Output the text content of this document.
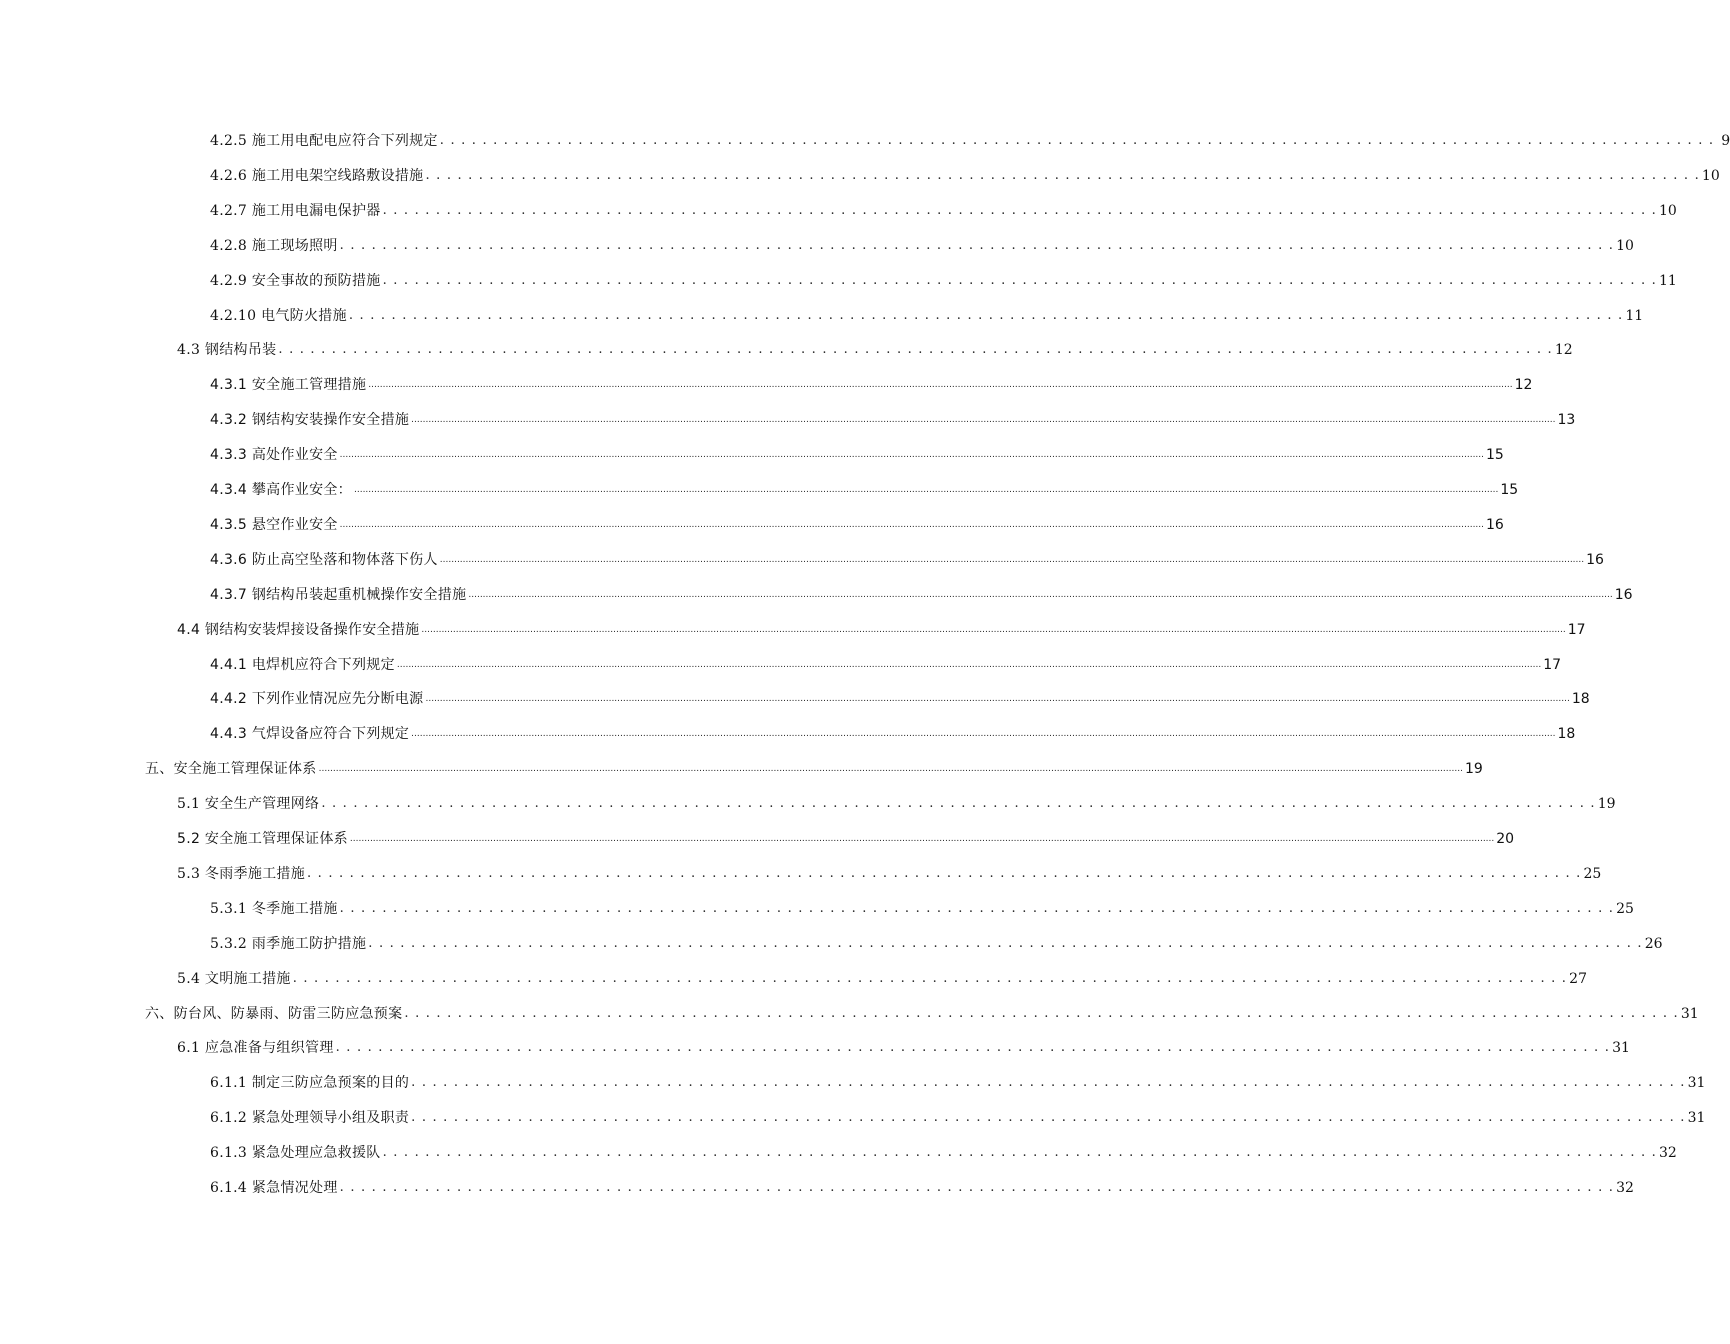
4.2.5 施工用电配电应符合下列规定 . . . . . . . . . . . . . . . . . . . . . . . . . . . . . . . . . . . . . . . . . . . . . . . . . . . . . . . . . . . . . . . . . . . . . . . . . . . . . . . . . . . . . . . . . . . . . . . . . . . . . . . . . . . . . . . . . . . . . . . . 9
4.2.6 施工用电架空线路敷设措施 . . . . . . . . . . . . . . . . . . . . . . . . . . . . . . . . . . . . . . . . . . . . . . . . . . . . . . . . . . . . . . . . . . . . . . . . . . . . . . . . . . . . . . . . . . . . . . . . . . . . . . . . . . . . . . . . . . . . . . . . 10
4.2.7 施工用电漏电保护器 . . . . . . . . . . . . . . . . . . . . . . . . . . . . . . . . . . . . . . . . . . . . . . . . . . . . . . . . . . . . . . . . . . . . . . . . . . . . . . . . . . . . . . . . . . . . . . . . . . . . . . . . . . . . . . . . . . . . . . . . 10
4.2.8 施工现场照明 . . . . . . . . . . . . . . . . . . . . . . . . . . . . . . . . . . . . . . . . . . . . . . . . . . . . . . . . . . . . . . . . . . . . . . . . . . . . . . . . . . . . . . . . . . . . . . . . . . . . . . . . . . . . . . . . . . . . . . . . 10
4.2.9 安全事故的预防措施 . . . . . . . . . . . . . . . . . . . . . . . . . . . . . . . . . . . . . . . . . . . . . . . . . . . . . . . . . . . . . . . . . . . . . . . . . . . . . . . . . . . . . . . . . . . . . . . . . . . . . . . . . . . . . . . . . . . . . . . . 11
4.2.10 电气防火措施 . . . . . . . . . . . . . . . . . . . . . . . . . . . . . . . . . . . . . . . . . . . . . . . . . . . . . . . . . . . . . . . . . . . . . . . . . . . . . . . . . . . . . . . . . . . . . . . . . . . . . . . . . . . . . . . . . . . . . . . . 11
4.3 钢结构吊装 . . . . . . . . . . . . . . . . . . . . . . . . . . . . . . . . . . . . . . . . . . . . . . . . . . . . . . . . . . . . . . . . . . . . . . . . . . . . . . . . . . . . . . . . . . . . . . . . . . . . . . . . . . . . . . . . . . . . . . . . 12
4.3.1 安全施工管理措施 ................................................................................................................................................................................................................................................................................................................................................................................................................ 12
4.3.2 钢结构安装操作安全措施 ................................................................................................................................................................................................................................................................................................................................................................................................................ 13
4.3.3 高处作业安全 ................................................................................................................................................................................................................................................................................................................................................................................................................ 15
4.3.4 攀高作业安全： ................................................................................................................................................................................................................................................................................................................................................................................................................ 15
4.3.5 悬空作业安全 ................................................................................................................................................................................................................................................................................................................................................................................................................ 16
4.3.6 防止高空坠落和物体落下伤人 ................................................................................................................................................................................................................................................................................................................................................................................................................ 16
4.3.7 钢结构吊装起重机械操作安全措施 ................................................................................................................................................................................................................................................................................................................................................................................................................ 16
4.4 钢结构安装焊接设备操作安全措施 ................................................................................................................................................................................................................................................................................................................................................................................................................ 17
4.4.1 电焊机应符合下列规定 ................................................................................................................................................................................................................................................................................................................................................................................................................ 17
4.4.2 下列作业情况应先分断电源 ................................................................................................................................................................................................................................................................................................................................................................................................................ 18
4.4.3 气焊设备应符合下列规定 ................................................................................................................................................................................................................................................................................................................................................................................................................ 18
五、安全施工管理保证体系 ................................................................................................................................................................................................................................................................................................................................................................................................................ 19
5.1 安全生产管理网络 . . . . . . . . . . . . . . . . . . . . . . . . . . . . . . . . . . . . . . . . . . . . . . . . . . . . . . . . . . . . . . . . . . . . . . . . . . . . . . . . . . . . . . . . . . . . . . . . . . . . . . . . . . . . . . . . . . . . . . . . 19
5.2 安全施工管理保证体系 ................................................................................................................................................................................................................................................................................................................................................................................................................ 20
5.3 冬雨季施工措施 . . . . . . . . . . . . . . . . . . . . . . . . . . . . . . . . . . . . . . . . . . . . . . . . . . . . . . . . . . . . . . . . . . . . . . . . . . . . . . . . . . . . . . . . . . . . . . . . . . . . . . . . . . . . . . . . . . . . . . . . 25
5.3.1 冬季施工措施 . . . . . . . . . . . . . . . . . . . . . . . . . . . . . . . . . . . . . . . . . . . . . . . . . . . . . . . . . . . . . . . . . . . . . . . . . . . . . . . . . . . . . . . . . . . . . . . . . . . . . . . . . . . . . . . . . . . . . . . . 25
5.3.2 雨季施工防护措施 . . . . . . . . . . . . . . . . . . . . . . . . . . . . . . . . . . . . . . . . . . . . . . . . . . . . . . . . . . . . . . . . . . . . . . . . . . . . . . . . . . . . . . . . . . . . . . . . . . . . . . . . . . . . . . . . . . . . . . . . 26
5.4 文明施工措施 . . . . . . . . . . . . . . . . . . . . . . . . . . . . . . . . . . . . . . . . . . . . . . . . . . . . . . . . . . . . . . . . . . . . . . . . . . . . . . . . . . . . . . . . . . . . . . . . . . . . . . . . . . . . . . . . . . . . . . . . 27
六、防台风、防暴雨、防雷三防应急预案 . . . . . . . . . . . . . . . . . . . . . . . . . . . . . . . . . . . . . . . . . . . . . . . . . . . . . . . . . . . . . . . . . . . . . . . . . . . . . . . . . . . . . . . . . . . . . . . . . . . . . . . . . . . . . . . . . . . . . . . . 31
6.1 应急准备与组织管理 . . . . . . . . . . . . . . . . . . . . . . . . . . . . . . . . . . . . . . . . . . . . . . . . . . . . . . . . . . . . . . . . . . . . . . . . . . . . . . . . . . . . . . . . . . . . . . . . . . . . . . . . . . . . . . . . . . . . . . . . 31
6.1.1 制定三防应急预案的目的 . . . . . . . . . . . . . . . . . . . . . . . . . . . . . . . . . . . . . . . . . . . . . . . . . . . . . . . . . . . . . . . . . . . . . . . . . . . . . . . . . . . . . . . . . . . . . . . . . . . . . . . . . . . . . . . . . . . . . . . . 31
6.1.2 紧急处理领导小组及职责 . . . . . . . . . . . . . . . . . . . . . . . . . . . . . . . . . . . . . . . . . . . . . . . . . . . . . . . . . . . . . . . . . . . . . . . . . . . . . . . . . . . . . . . . . . . . . . . . . . . . . . . . . . . . . . . . . . . . . . . . 31
6.1.3 紧急处理应急救援队 . . . . . . . . . . . . . . . . . . . . . . . . . . . . . . . . . . . . . . . . . . . . . . . . . . . . . . . . . . . . . . . . . . . . . . . . . . . . . . . . . . . . . . . . . . . . . . . . . . . . . . . . . . . . . . . . . . . . . . . . 32
6.1.4 紧急情况处理 . . . . . . . . . . . . . . . . . . . . . . . . . . . . . . . . . . . . . . . . . . . . . . . . . . . . . . . . . . . . . . . . . . . . . . . . . . . . . . . . . . . . . . . . . . . . . . . . . . . . . . . . . . . . . . . . . . . . . . . . 32
